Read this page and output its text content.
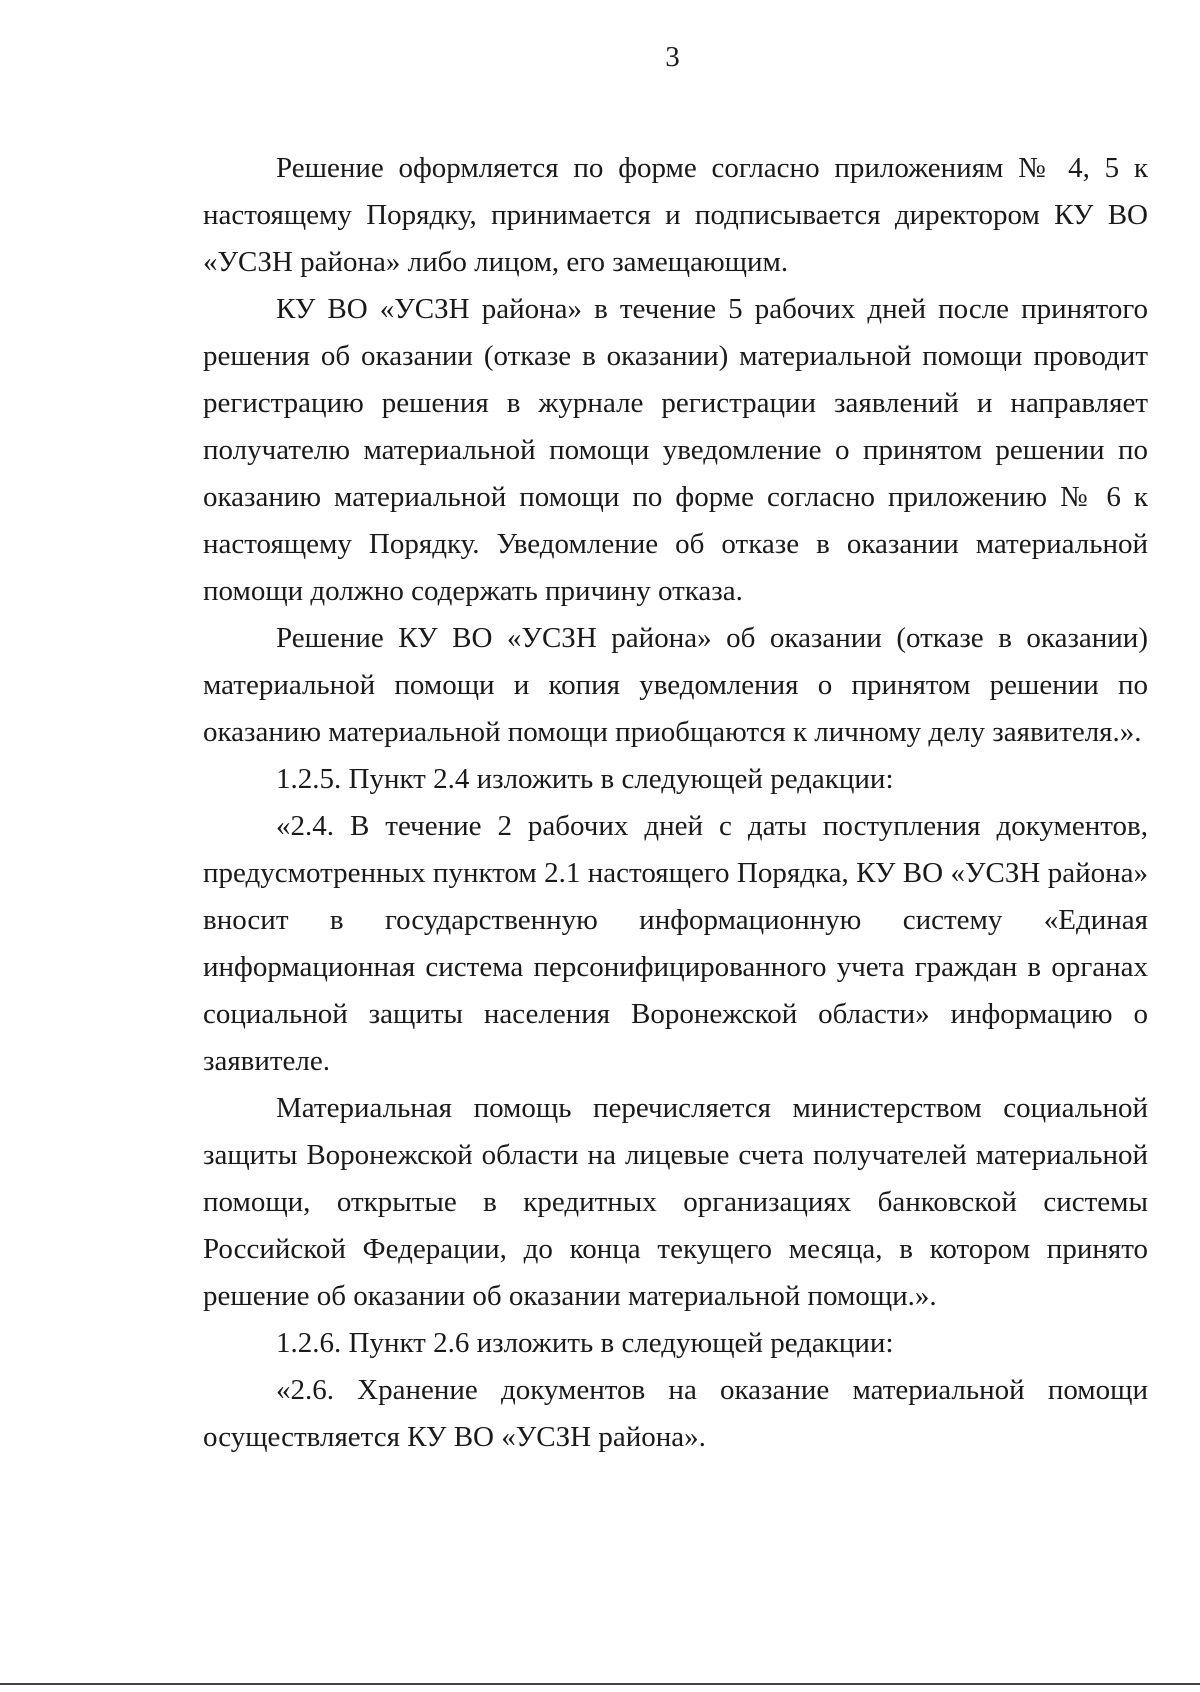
3

Решение оформляется по форме согласно приложениям № 4, 5 к настоящему Порядку, принимается и подписывается директором КУ ВО «УСЗН района» либо лицом, его замещающим.

КУ ВО «УСЗН района» в течение 5 рабочих дней после принятого решения об оказании (отказе в оказании) материальной помощи проводит регистрацию решения в журнале регистрации заявлений и направляет получателю материальной помощи уведомление о принятом решении по оказанию материальной помощи по форме согласно приложению № 6 к настоящему Порядку. Уведомление об отказе в оказании материальной помощи должно содержать причину отказа.

Решение КУ ВО «УСЗН района» об оказании (отказе в оказании) материальной помощи и копия уведомления о принятом решении по оказанию материальной помощи приобщаются к личному делу заявителя.».

1.2.5. Пункт 2.4 изложить в следующей редакции:

«2.4. В течение 2 рабочих дней с даты поступления документов, предусмотренных пунктом 2.1 настоящего Порядка, КУ ВО «УСЗН района» вносит в государственную информационную систему «Единая информационная система персонифицированного учета граждан в органах социальной защиты населения Воронежской области» информацию о заявителе.

Материальная помощь перечисляется министерством социальной защиты Воронежской области на лицевые счета получателей материальной помощи, открытые в кредитных организациях банковской системы Российской Федерации, до конца текущего месяца, в котором принято решение об оказании об оказании материальной помощи.».

1.2.6. Пункт 2.6 изложить в следующей редакции:

«2.6. Хранение документов на оказание материальной помощи осуществляется КУ ВО «УСЗН района».
